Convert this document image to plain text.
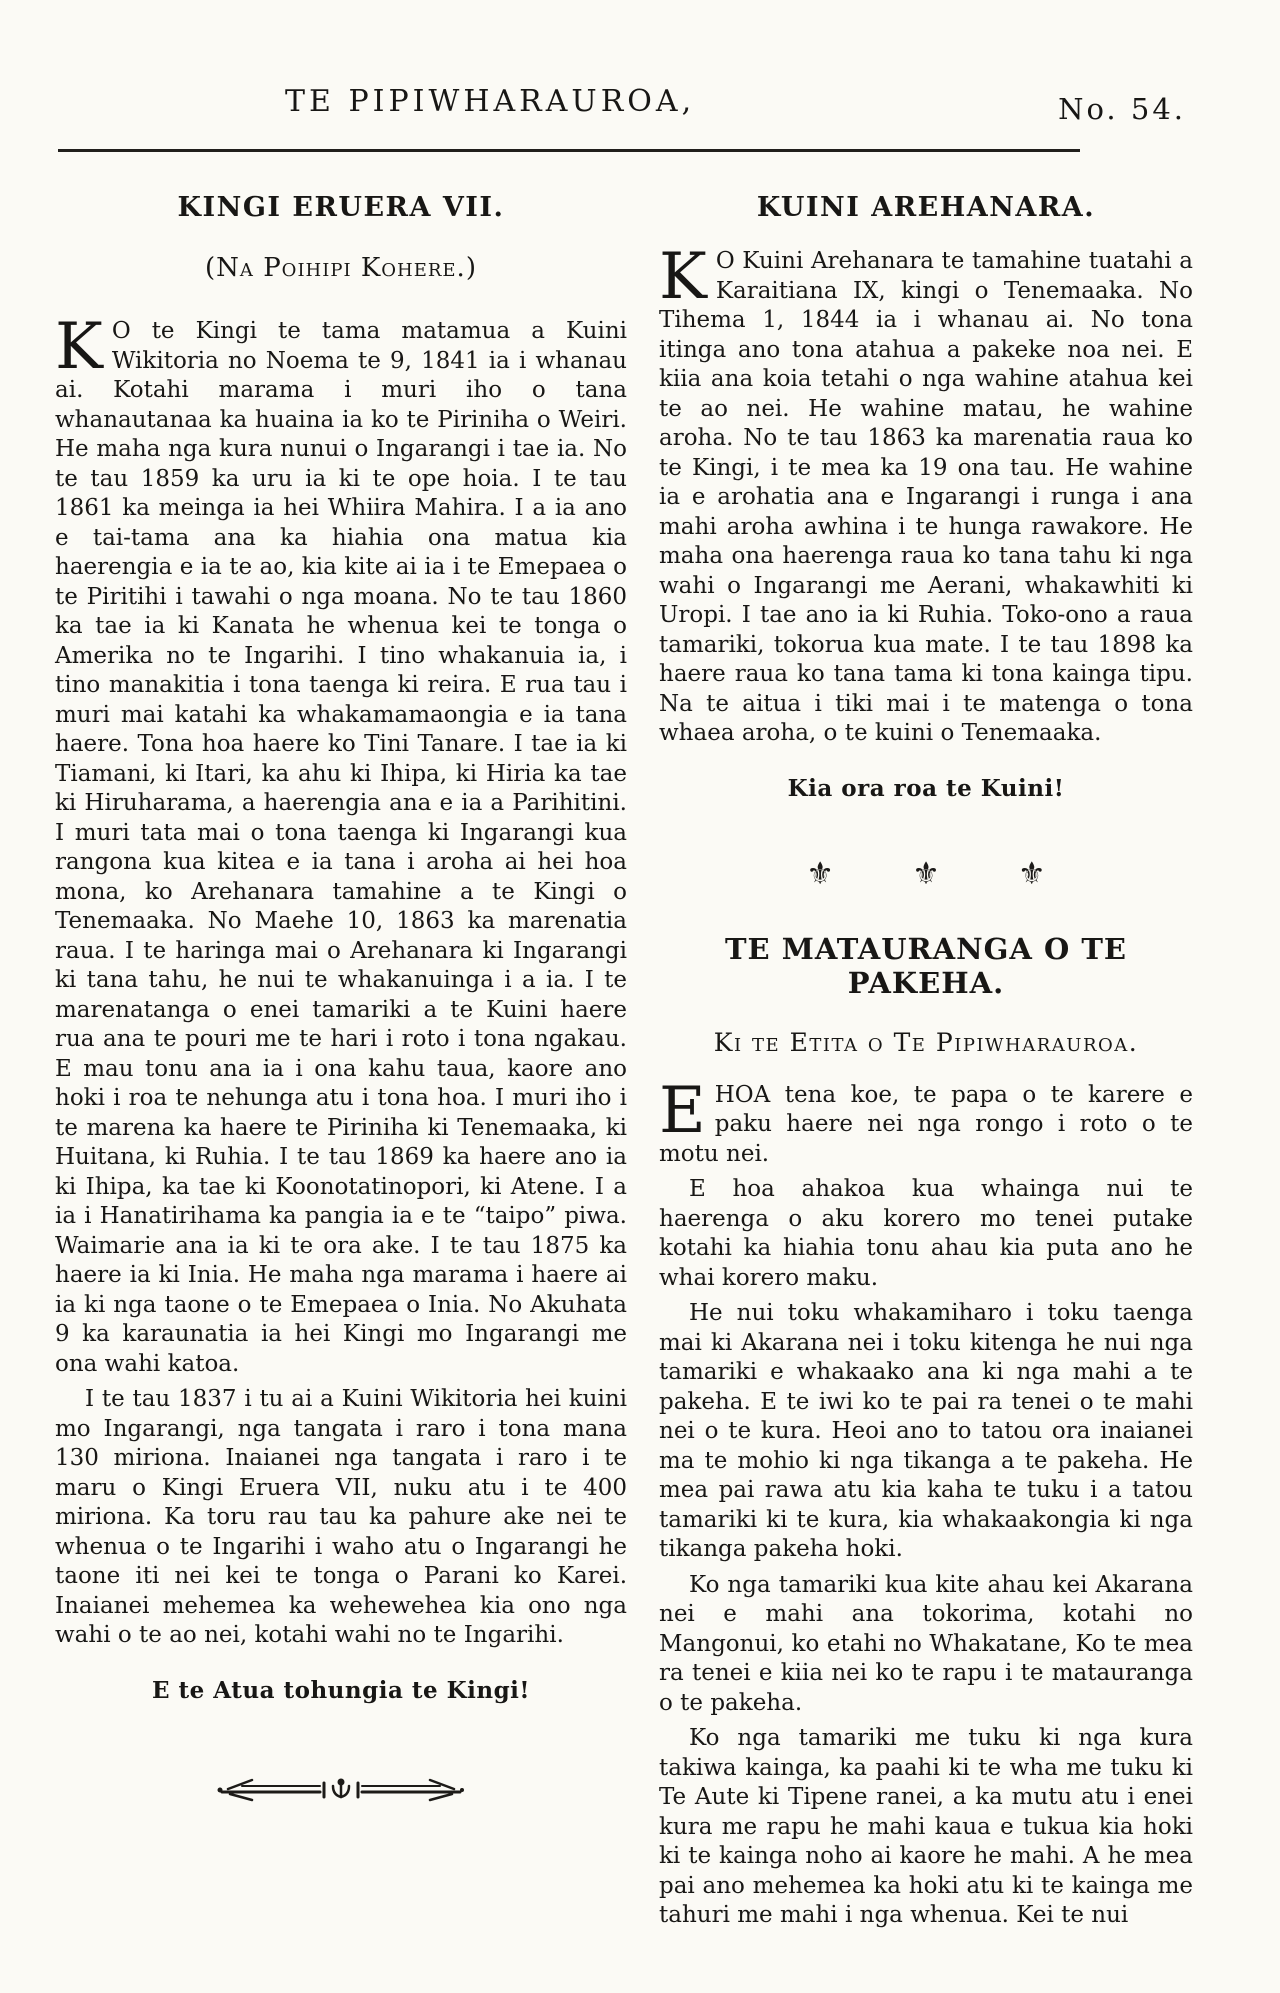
TE PIPIWHARAUROA,	No. 54.
KINGI ERUERA VII.
(Na Poihipi Kohere.)

K O te Kingi te tama matamua a Kuini Wikitoria no Noema te 9, 1841 ia i whanau ai. Kotahi marama i muri iho o tana whanautanaa ka huaina ia ko te Piriniha o Weiri. He maha nga kura nunui o Ingarangi i tae ia. No te tau 1859 ka uru ia ki te ope hoia. I te tau 1861 ka meinga ia hei Whiira Mahira. I a ia ano e tai-tama ana ka hiahia ona matua kia haerengia e ia te ao, kia kite ai ia i te Emepaea o te Piritihi i tawahi o nga moana. No te tau 1860 ka tae ia ki Kanata he whenua kei te tonga o Amerika no te Ingarihi. I tino whakanuia ia, i tino manakitia i tona taenga ki reira. E rua tau i muri mai katahi ka whakamamaongia e ia tana haere. Tona hoa haere ko Tini Tanare. I tae ia ki Tiamani, ki Itari, ka ahu ki Ihipa, ki Hiria ka tae ki Hiruharama, a haerengia ana e ia a Parihitini. I muri tata mai o tona taenga ki Ingarangi kua rangona kua kitea e ia tana i aroha ai hei hoa mona, ko Arehanara tamahine a te Kingi o Tenemaaka. No Maehe 10, 1863 ka marenatia raua. I te haringa mai o Arehanara ki Ingarangi ki tana tahu, he nui te whakanuinga i a ia. I te marenatanga o enei tamariki a te Kuini haere rua ana te pouri me te hari i roto i tona ngakau. E mau tonu ana ia i ona kahu taua, kaore ano hoki i roa te nehunga atu i tona hoa. I muri iho i te marena ka haere te Piriniha ki Tenemaaka, ki Huitana, ki Ruhia. I te tau 1869 ka haere ano ia ki Ihipa, ka tae ki Koonotatinopori, ki Atene. I a ia i Hanatirihama ka pangia ia e te “taipo” piwa. Waimarie ana ia ki te ora ake. I te tau 1875 ka haere ia ki Inia. He maha nga marama i haere ai ia ki nga taone o te Emepaea o Inia. No Akuhata 9 ka karaunatia ia hei Kingi mo Ingarangi me ona wahi katoa.

I te tau 1837 i tu ai a Kuini Wikitoria hei kuini mo Ingarangi, nga tangata i raro i tona mana 130 miriona. Inaianei nga tangata i raro i te maru o Kingi Eruera VII, nuku atu i te 400 miriona. Ka toru rau tau ka pahure ake nei te whenua o te Ingarihi i waho atu o Ingarangi he taone iti nei kei te tonga o Parani ko Karei. Inaianei mehemea ka wehewehea kia ono nga wahi o te ao nei, kotahi wahi no te Ingarihi.

E te Atua tohungia te Kingi!
KUINI AREHANARA.

K O Kuini Arehanara te tamahine tuatahi a Karaitiana IX, kingi o Tenemaaka. No Tihema 1, 1844 ia i whanau ai. No tona itinga ano tona atahua a pakeke noa nei. E kiia ana koia tetahi o nga wahine atahua kei te ao nei. He wahine matau, he wahine aroha. No te tau 1863 ka marenatia raua ko te Kingi, i te mea ka 19 ona tau. He wahine ia e arohatia ana e Ingarangi i runga i ana mahi aroha awhina i te hunga rawakore. He maha ona haerenga raua ko tana tahu ki nga wahi o Ingarangi me Aerani, whakawhiti ki Uropi. I tae ano ia ki Ruhia. Toko-ono a raua tamariki, tokorua kua mate. I te tau 1898 ka haere raua ko tana tama ki tona kainga tipu. Na te aitua i tiki mai i te matenga o tona whaea aroha, o te kuini o Tenemaaka.

Kia ora roa te Kuini!
⚜	⚜	⚜
TE MATAURANGA O TE PAKEHA.
Ki te Etita o Te Pipiwharauroa.

EHOA tena koe, te papa o te karere e paku haere nei nga rongo i roto o te motu nei.

E hoa ahakoa kua whainga nui te haerenga o aku korero mo tenei putake kotahi ka hiahia tonu ahau kia puta ano he whai korero maku.

He nui toku whakamiharo i toku taenga mai ki Akarana nei i toku kitenga he nui nga tamariki e whakaako ana ki nga mahi a te pakeha. E te iwi ko te pai ra tenei o te mahi nei o te kura. Heoi ano to tatou ora inaianei ma te mohio ki nga tikanga a te pakeha. He mea pai rawa atu kia kaha te tuku i a tatou tamariki ki te kura, kia whakaakongia ki nga tikanga pakeha hoki.

Ko nga tamariki kua kite ahau kei Akarana nei e mahi ana tokorima, kotahi no Mangonui, ko etahi no Whakatane, Ko te mea ra tenei e kiia nei ko te rapu i te matauranga o te pakeha.

Ko nga tamariki me tuku ki nga kura takiwa kainga, ka paahi ki te wha me tuku ki Te Aute ki Tipene ranei, a ka mutu atu i enei kura me rapu he mahi kaua e tukua kia hoki ki te kainga noho ai kaore he mahi. A he mea pai ano mehemea ka hoki atu ki te kainga me tahuri me mahi i nga whenua. Kei te nui
